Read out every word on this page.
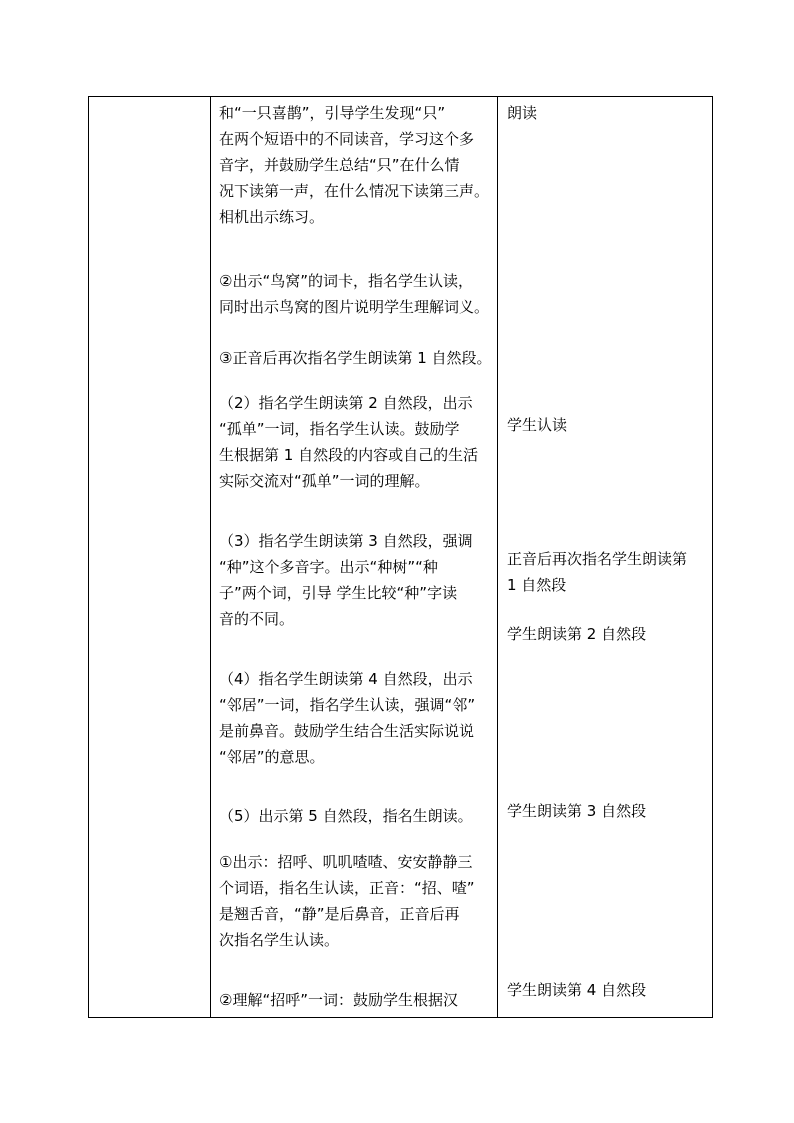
和“一只喜鹊”，引导学生发现“只”
在两个短语中的不同读音，学习这个多
音字，并鼓励学生总结“只”在什么情
况下读第一声，在什么情况下读第三声。
相机出示练习。

②出示“鸟窝”的词卡，指名学生认读，
同时出示鸟窝的图片说明学生理解词义。

③正音后再次指名学生朗读第 1 自然段。

（2）指名学生朗读第 2 自然段，出示
“孤单”一词，指名学生认读。鼓励学
生根据第 1 自然段的内容或自己的生活
实际交流对“孤单”一词的理解。

（3）指名学生朗读第 3 自然段，强调
“种”这个多音字。出示“种树”“种
子”两个词，引导 学生比较“种”字读
音的不同。

（4）指名学生朗读第 4 自然段，出示
“邻居”一词，指名学生认读，强调“邻”
是前鼻音。鼓励学生结合生活实际说说
“邻居”的意思。

（5）出示第 5 自然段，指名生朗读。

①出示：招呼、叽叽喳喳、安安静静三
个词语，指名生认读，正音：“招、喳”
是翘舌音，“静”是后鼻音，正音后再
次指名学生认读。

②理解“招呼”一词：鼓励学生根据汉

朗读

学生认读

正音后再次指名学生朗读第
1 自然段

学生朗读第 2 自然段

学生朗读第 3 自然段

学生朗读第 4 自然段
